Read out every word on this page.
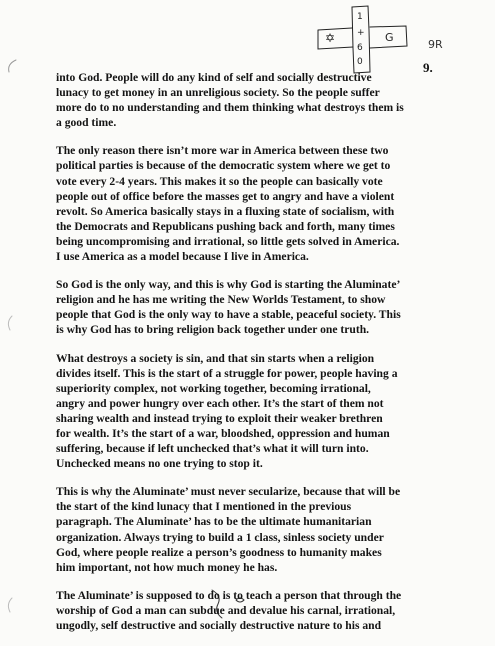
1
+
6
0
✡	G
9R
9.
into God. People will do any kind of self and socially destructive
lunacy to get money in an unreligious society. So the people suffer
more do to no understanding and them thinking what destroys them is
a good time.
The only reason there isn’t more war in America between these two
political parties is because of the democratic system where we get to
vote every 2-4 years. This makes it so the people can basically vote
people out of office before the masses get to angry and have a violent
revolt. So America basically stays in a fluxing state of socialism, with
the Democrats and Republicans pushing back and forth, many times
being uncompromising and irrational, so little gets solved in America.
I use America as a model because I live in America.
So God is the only way, and this is why God is starting the Aluminate’
religion and he has me writing the New Worlds Testament, to show
people that God is the only way to have a stable, peaceful society. This
is why God has to bring religion back together under one truth.
What destroys a society is sin, and that sin starts when a religion
divides itself. This is the start of a struggle for power, people having a
superiority complex, not working together, becoming irrational,
angry and power hungry over each other. It’s the start of them not
sharing wealth and instead trying to exploit their weaker brethren
for wealth. It’s the start of a war, bloodshed, oppression and human
suffering, because if left unchecked that’s what it will turn into.
Unchecked means no one trying to stop it.
This is why the Aluminate’ must never secularize, because that will be
the start of the kind lunacy that I mentioned in the previous
paragraph. The Aluminate’ has to be the ultimate humanitarian
organization. Always trying to build a 1 class, sinless society under
God, where people realize a person’s goodness to humanity makes
him important, not how much money he has.
The Aluminate’ is supposed to do is to teach a person that through the
worship of God a man can subdue and devalue his carnal, irrational,
ungodly, self destructive and socially destructive nature to his and
